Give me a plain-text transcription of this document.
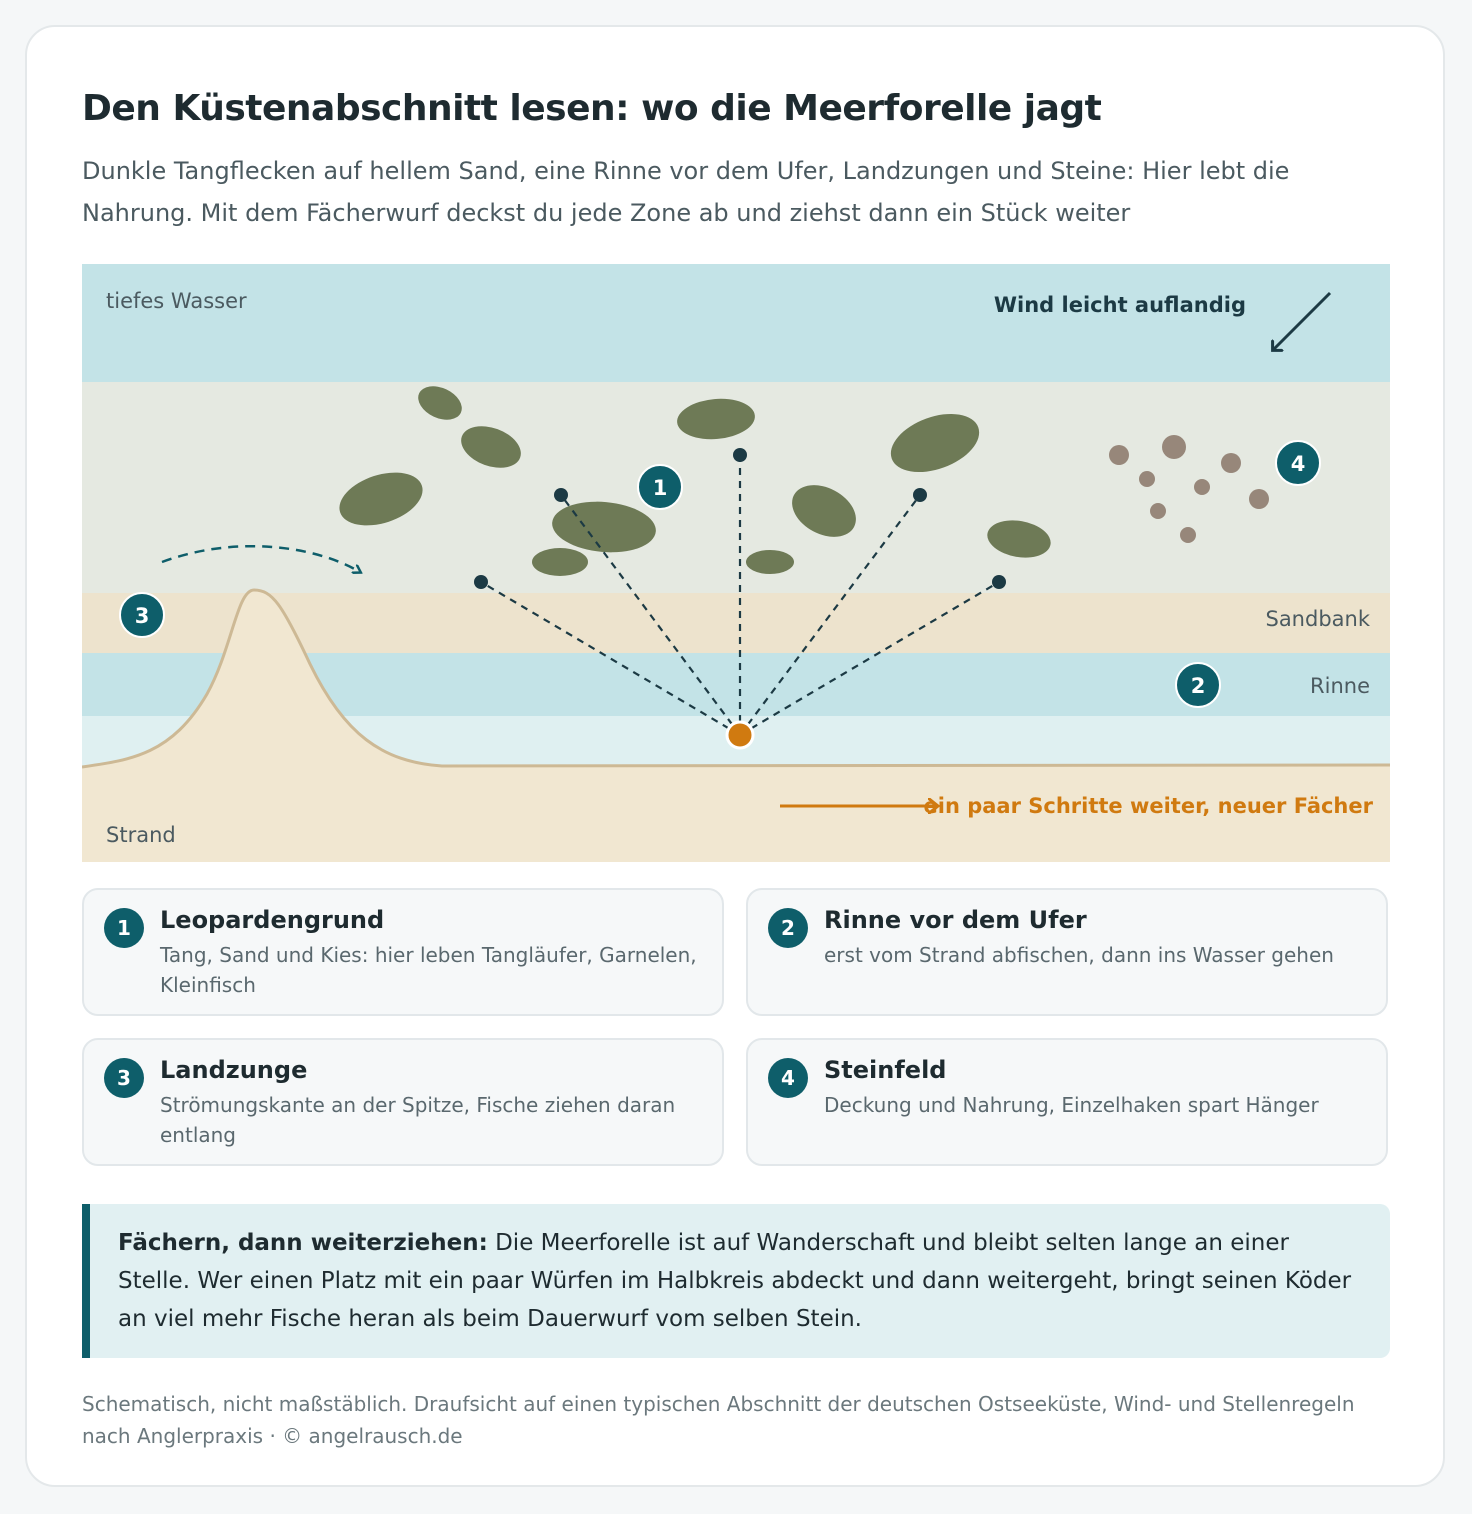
Den Küstenabschnitt lesen: wo die Meerforelle jagt

Dunkle Tangflecken auf hellem Sand, eine Rinne vor dem Ufer, Landzungen und Steine: Hier lebt die Nahrung. Mit dem Fächerwurf deckst du jede Zone ab und ziehst dann ein Stück weiter

tiefes Wasser	Wind leicht auflandig
Sandbank
Rinne
Strand
ein paar Schritte weiter, neuer Fächer
1
2
3
4
1	Leopardengrund
Tang, Sand und Kies: hier leben Tangläufer, Garnelen, Kleinfisch
2	Rinne vor dem Ufer
erst vom Strand abfischen, dann ins Wasser gehen
3	Landzunge
Strömungskante an der Spitze, Fische ziehen daran entlang
4	Steinfeld
Deckung und Nahrung, Einzelhaken spart Hänger
Fächern, dann weiterziehen: Die Meerforelle ist auf Wanderschaft und bleibt selten lange an einer Stelle. Wer einen Platz mit ein paar Würfen im Halbkreis abdeckt und dann weitergeht, bringt seinen Köder an viel mehr Fische heran als beim Dauerwurf vom selben Stein.

Schematisch, nicht maßstäblich. Draufsicht auf einen typischen Abschnitt der deutschen Ostseeküste, Wind- und Stellenregeln nach Anglerpraxis · © angelrausch.de
